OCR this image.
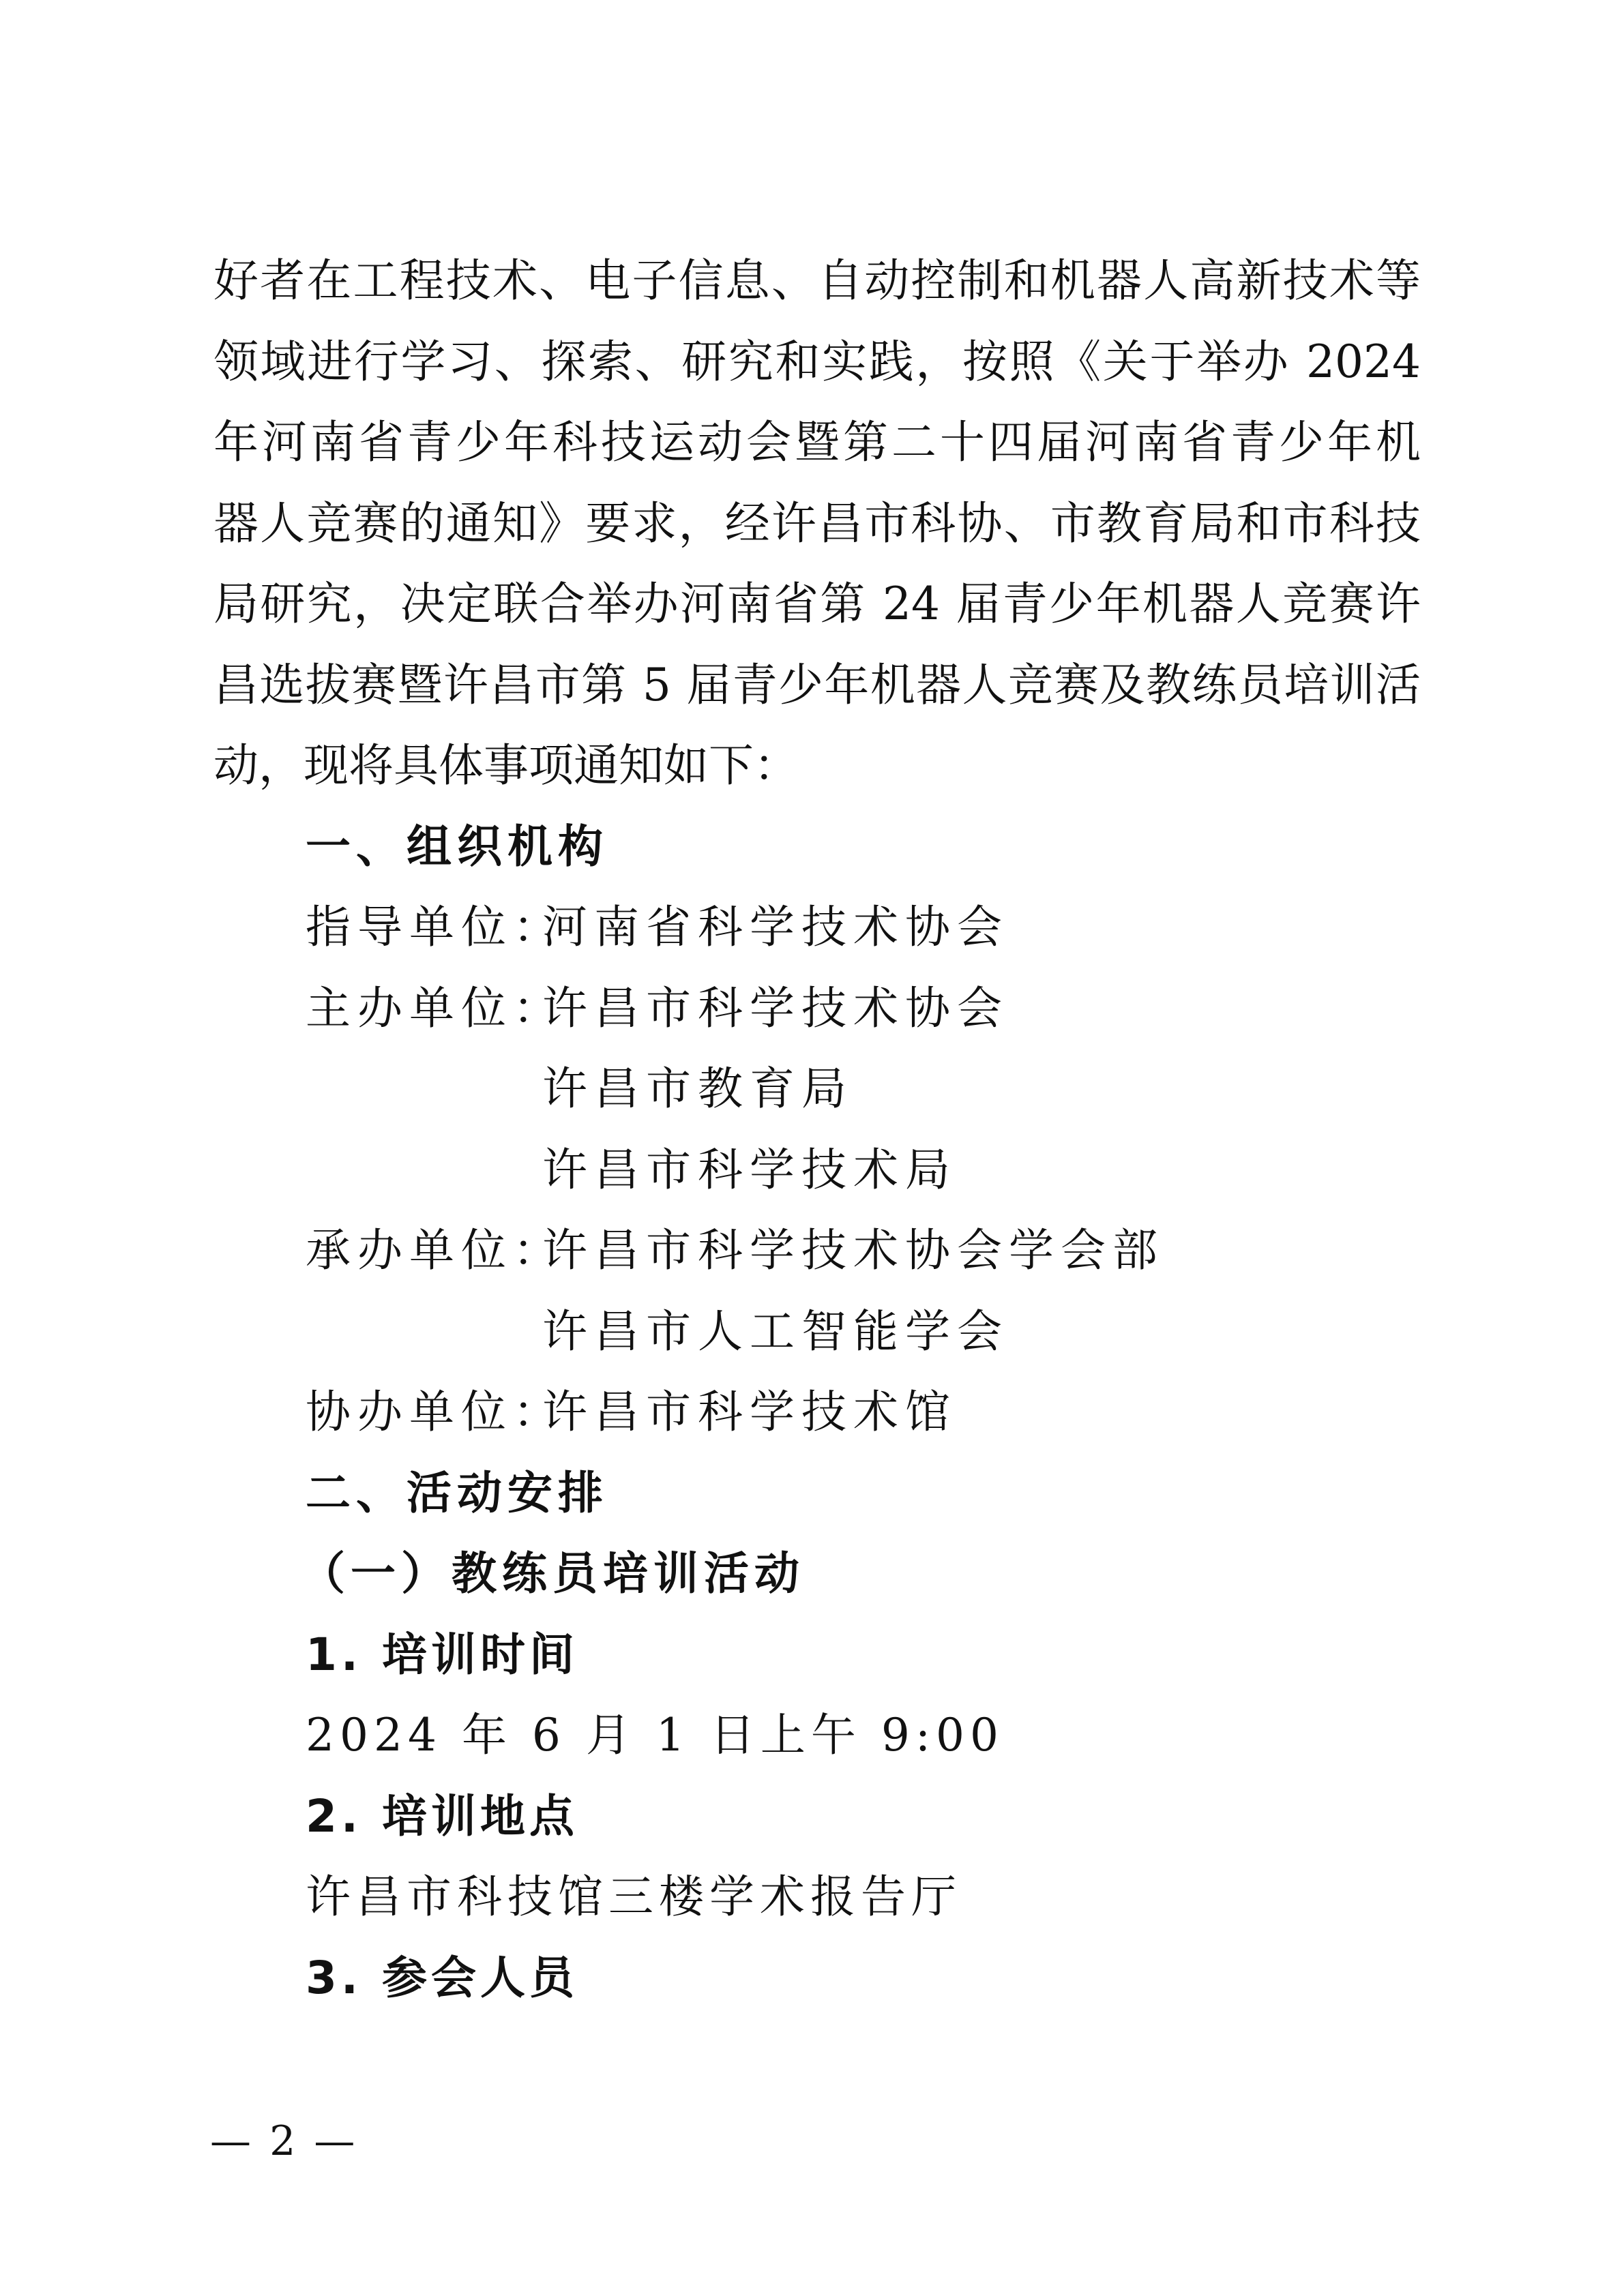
好者在工程技术、电子信息、自动控制和机器人高新技术等
领域进行学习、探索、研究和实践，按照《关于举办 2024
年河南省青少年科技运动会暨第二十四届河南省青少年机
器人竞赛的通知》要求，经许昌市科协、市教育局和市科技
局研究，决定联合举办河南省第 24 届青少年机器人竞赛许
昌选拔赛暨许昌市第 5 届青少年机器人竞赛及教练员培训活
动，现将具体事项通知如下：
一、组织机构
指导单位：
河南省科学技术协会
主办单位：
许昌市科学技术协会
许昌市教育局
许昌市科学技术局
承办单位：
许昌市科学技术协会学会部
许昌市人工智能学会
协办单位：
许昌市科学技术馆
二、活动安排
（一）教练员培训活动
1. 培训时间
2024 年 6 月 1 日上午 9:00
2. 培训地点
许昌市科技馆三楼学术报告厅
3. 参会人员
— 2 —
